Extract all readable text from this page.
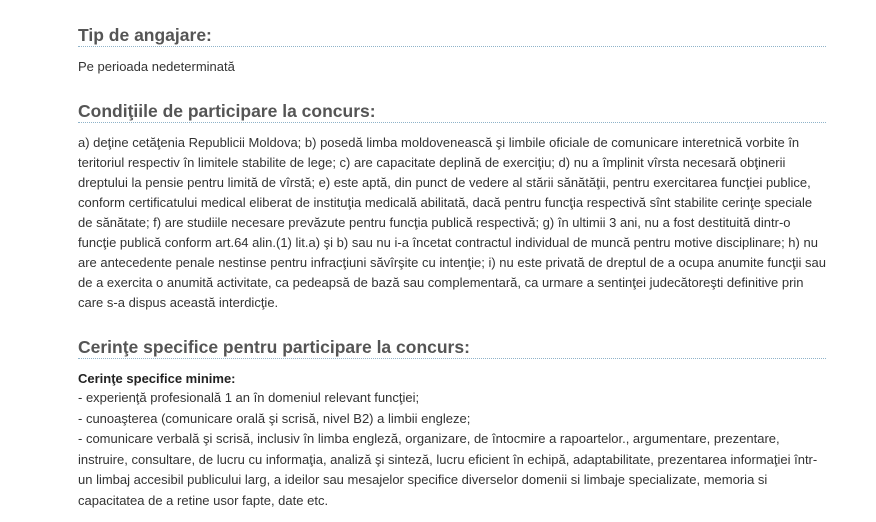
Tip de angajare:

Pe perioada nedeterminată

Condiţiile de participare la concurs:

a) deţine cetăţenia Republicii Moldova; b) posedă limba moldovenească şi limbile oficiale de comunicare interetnică vorbite în teritoriul respectiv în limitele stabilite de lege; c) are capacitate deplină de exerciţiu; d) nu a împlinit vîrsta necesară obţinerii dreptului la pensie pentru limită de vîrstă; e) este aptă, din punct de vedere al stării sănătăţii, pentru exercitarea funcţiei publice, conform certificatului medical eliberat de instituţia medicală abilitată, dacă pentru funcţia respectivă sînt stabilite cerinţe speciale de sănătate; f) are studiile necesare prevăzute pentru funcţia publică respectivă; g) în ultimii 3 ani, nu a fost destituită dintr-o funcţie publică conform art.64 alin.(1) lit.a) şi b) sau nu i-a încetat contractul individual de muncă pentru motive disciplinare; h) nu are antecedente penale nestinse pentru infracţiuni săvîrşite cu intenţie; i) nu este privată de dreptul de a ocupa anumite funcţii sau de a exercita o anumită activitate, ca pedeapsă de bază sau complementară, ca urmare a sentinţei judecătoreşti definitive prin care s-a dispus această interdicţie.

Cerinţe specifice pentru participare la concurs:
Cerinţe specifice minime:
- experienţă profesională 1 an în domeniul relevant funcţiei;
- cunoaşterea (comunicare orală şi scrisă, nivel B2) a limbii engleze;
- comunicare verbală şi scrisă, inclusiv în limba engleză, organizare, de întocmire a rapoartelor., argumentare, prezentare, instruire, consultare, de lucru cu informaţia, analiză şi sinteză, lucru eficient în echipă, adaptabilitate, prezentarea informaţiei într-un limbaj accesibil publicului larg, a ideilor sau mesajelor specifice diverselor domenii si limbaje specializate, memoria si capacitatea de a retine usor fapte, date etc.
